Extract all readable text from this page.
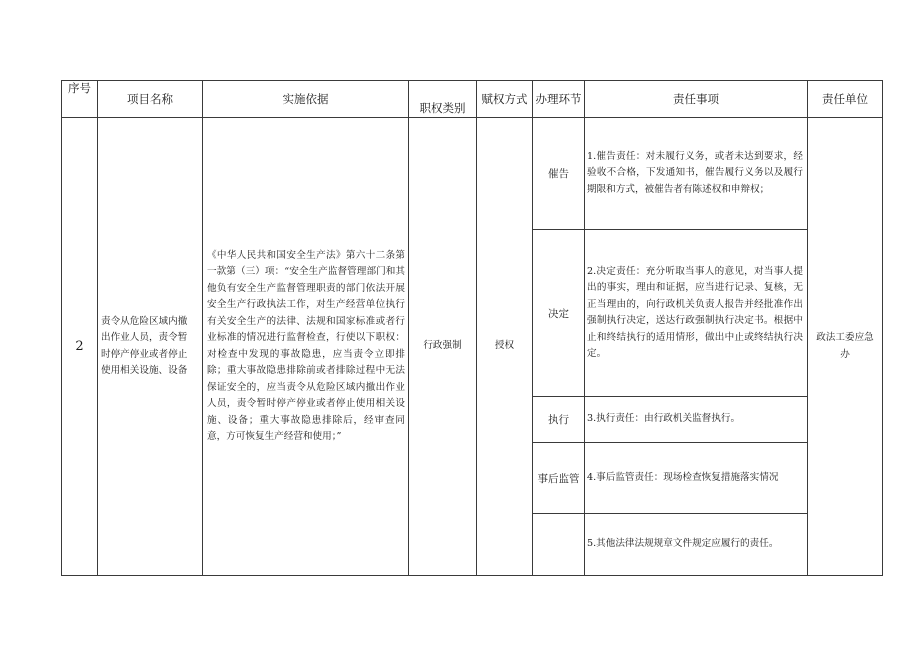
序号	项目名称	实施依据	职权类别	赋权方式	办理环节	责任事项	责任单位
2	责令从危险区域内撤出作业人员，责令暂时停产停业或者停止使用相关设施、设备	《中华人民共和国安全生产法》第六十二条第一款第（三）项：“安全生产监督管理部门和其他负有安全生产监督管理职责的部门依法开展安全生产行政执法工作，对生产经营单位执行有关安全生产的法律、法规和国家标准或者行业标准的情况进行监督检查，行使以下职权：对检查中发现的事故隐患，应当责令立即排除；重大事故隐患排除前或者排除过程中无法保证安全的，应当责令从危险区域内撤出作业人员，责令暂时停产停业或者停止使用相关设施、设备；重大事故隐患排除后，经审查同意，方可恢复生产经营和使用；”	行政强制	授权	催告	1.催告责任：对未履行义务，或者未达到要求，经验收不合格，下发通知书，催告履行义务以及履行期限和方式，被催告者有陈述权和申辩权；	政法工委应急办
					决定	2.决定责任：充分听取当事人的意见，对当事人提出的事实，理由和证据，应当进行记录、复核，无正当理由的，向行政机关负责人报告并经批准作出强制执行决定，送达行政强制执行决定书。根据中止和终结执行的适用情形，做出中止或终结执行决定。	
					执行	3.执行责任：由行政机关监督执行。	
					事后监管	4.事后监管责任：现场检查恢复措施落实情况	
						5.其他法律法规规章文件规定应履行的责任。	
